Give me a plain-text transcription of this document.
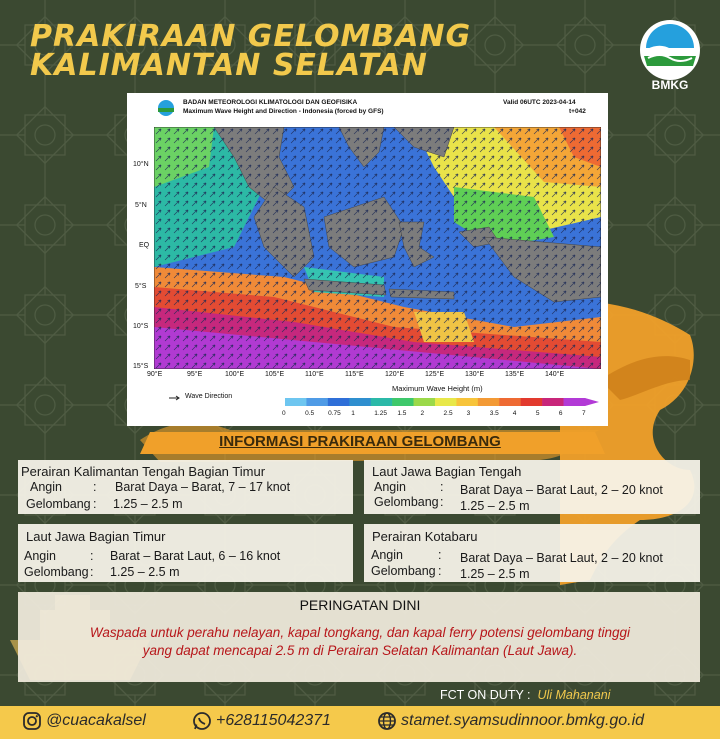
PRAKIRAAN GELOMBANG
KALIMANTAN SELATAN
BMKG
BADAN METEOROLOGI KLIMATOLOGI DAN GEOFISIKA
Maximum Wave Height and Direction - Indonesia (forced by GFS)
Valid 06UTC 2023-04-14
t+042
10°N
5°N
EQ
5°S
10°S
15°S
90°E	95°E	100°E	105°E	110°E	115°E	120°E	125°E	130°E	135°E	140°E
Maximum Wave Height (m)
Wave Direction
0	0.5 0.75 1	1.25 1.5 2	2.5 3	3.5 4	5	6	7
INFORMASI PRAKIRAAN GELOMBANG
Perairan Kalimantan Tengah Bagian Timur
Angin : Barat Daya – Barat, 7 – 17 knot
Gelombang : 1.25 – 2.5 m
Laut Jawa Bagian Tengah
Angin	: Barat Daya – Barat Laut, 2 – 20 knot
Gelombang : 1.25 – 2.5 m
Laut Jawa Bagian Timur
Angin	: Barat – Barat Laut, 6 – 16 knot
Gelombang : 1.25 – 2.5 m
Perairan Kotabaru
Angin	: Barat Daya – Barat Laut, 2 – 20 knot
Gelombang : 1.25 – 2.5 m
PERINGATAN DINI
Waspada untuk perahu nelayan, kapal tongkang, dan kapal ferry potensi gelombang tinggi
yang dapat mencapai 2.5 m di Perairan Selatan Kalimantan (Laut Jawa).
FCT ON DUTY : Uli Mahanani
@cuacakalsel	+628115042371	stamet.syamsudinnoor.bmkg.go.id
